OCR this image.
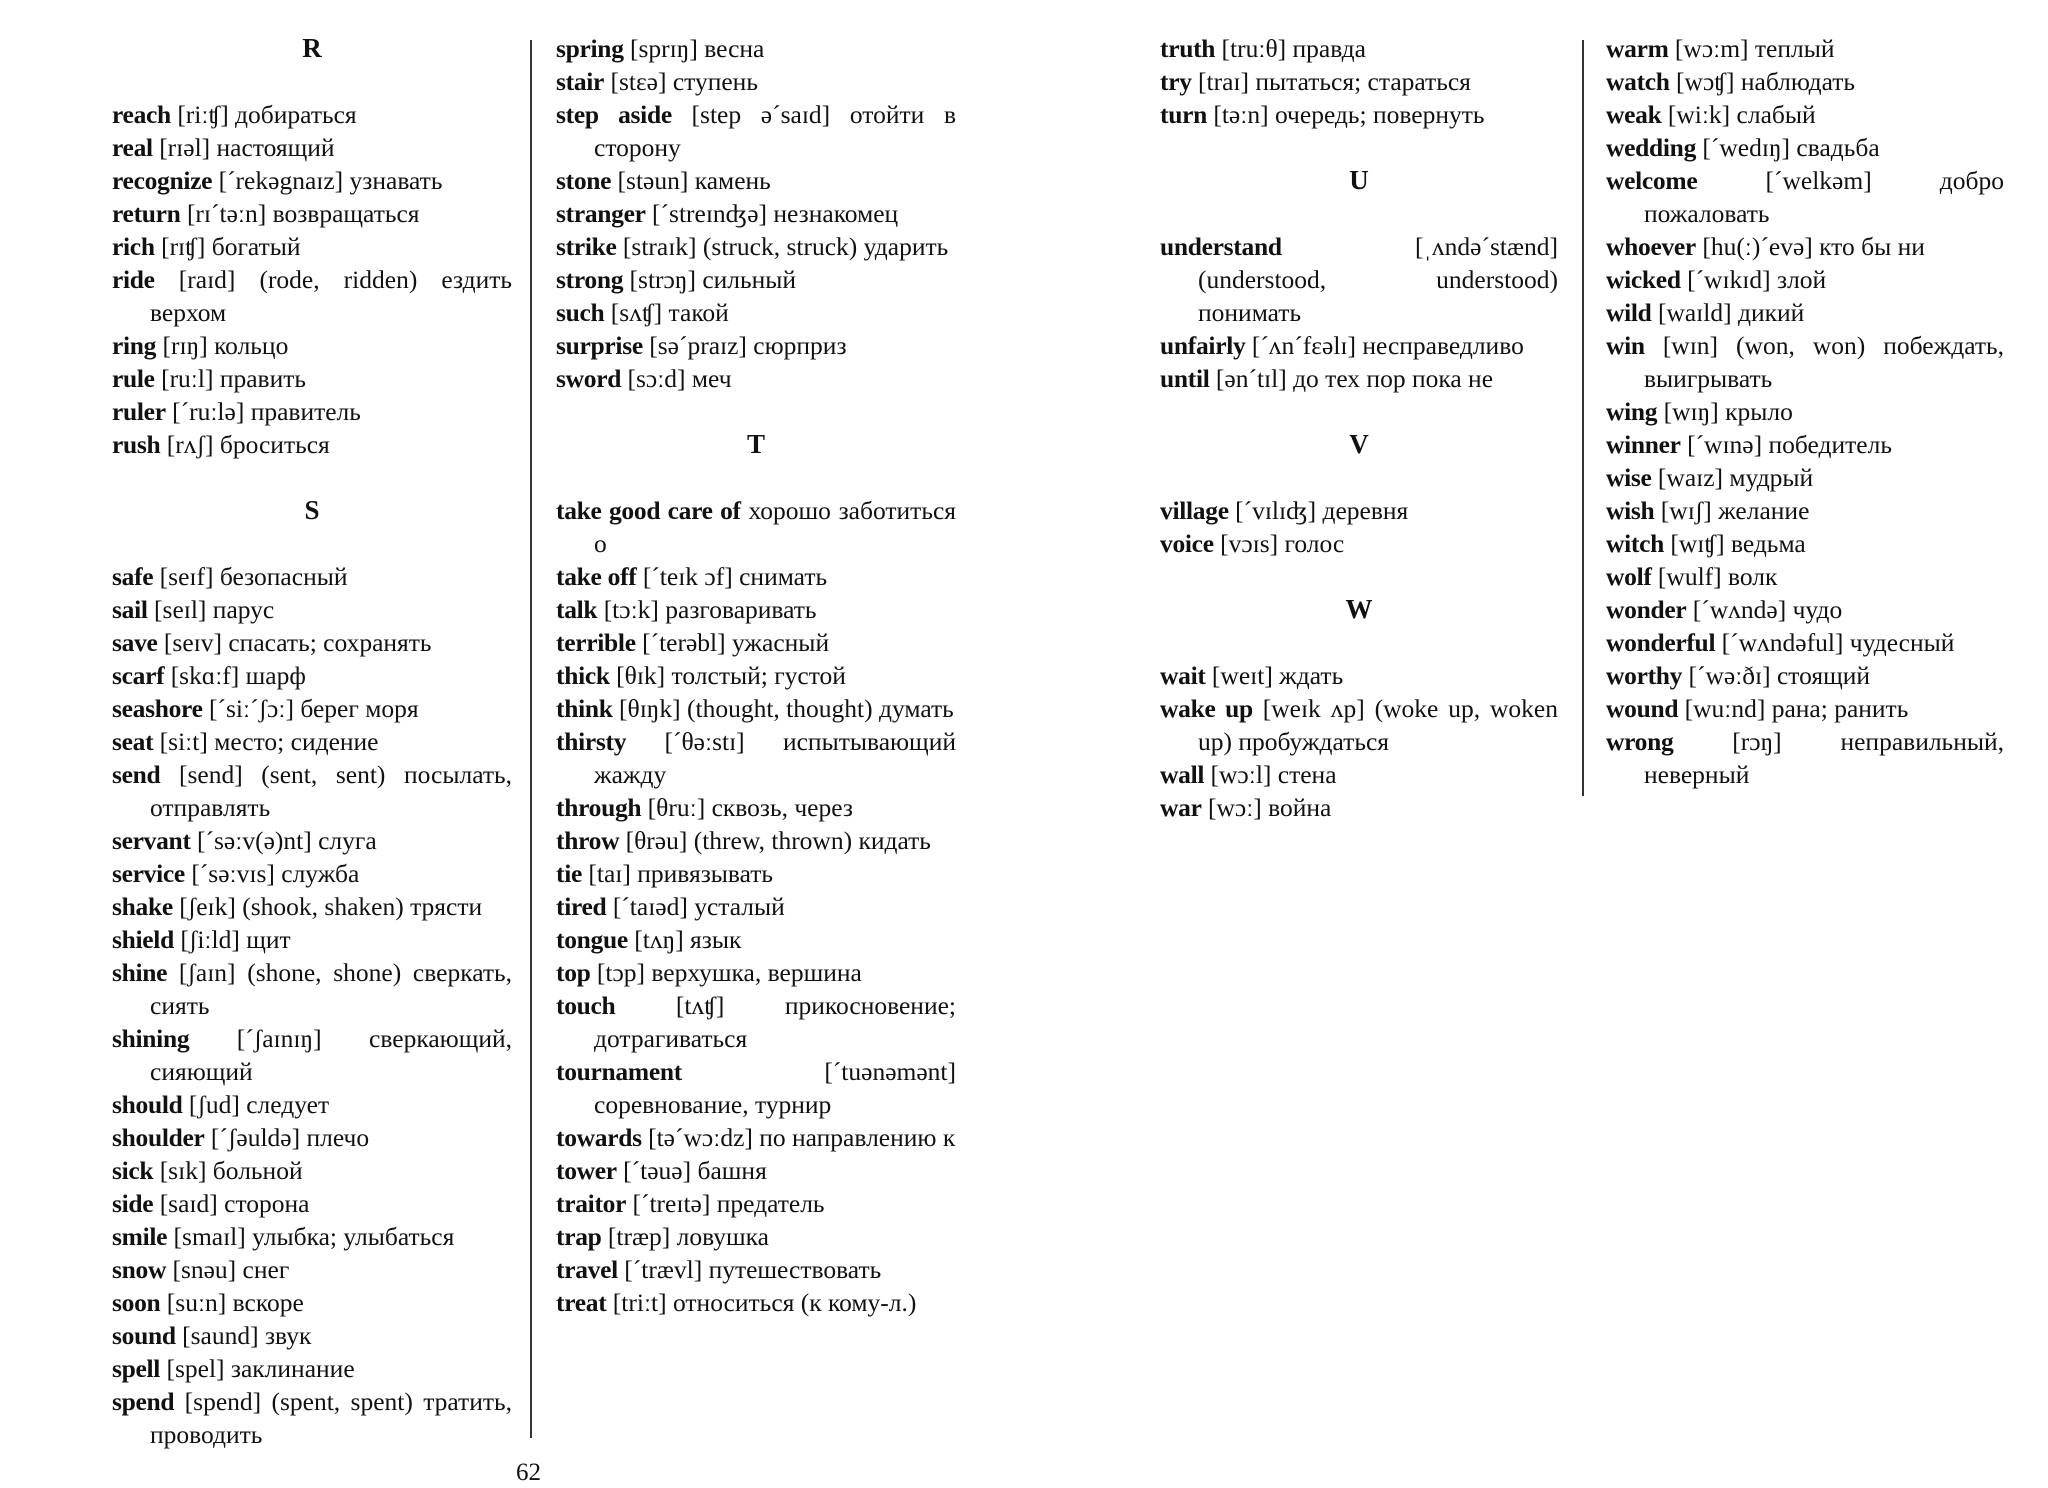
R
reach [riːʧ] добираться
real [rɪəl] настоящий
recognize [´rekəgnaɪz] узнавать
return [rɪ´təːn] возвращаться
rich [rɪʧ] богатый
ride [raɪd] (rode, ridden) ездить верхом
ring [rɪŋ] кольцо
rule [ruːl] править
ruler [´ruːlə] правитель
rush [rʌʃ] броситься
S
safe [seɪf] безопасный
sail [seɪl] парус
save [seɪv] спасать; сохранять
scarf [skɑːf] шарф
seashore [´siː´ʃɔː] берег моря
seat [siːt] место; сидение
send [send] (sent, sent) посылать, отправлять
servant [´səːv(ə)nt] слуга
service [´səːvɪs] служба
shake [ʃeɪk] (shook, shaken) трясти
shield [ʃiːld] щит
shine [ʃaɪn] (shone, shone) сверкать, сиять
shining [´ʃaɪnɪŋ] сверкающий, сияющий
should [ʃud] следует
shoulder [´ʃəuldə] плечо
sick [sɪk] больной
side [saɪd] сторона
smile [smaɪl] улыбка; улыбаться
snow [snəu] снег
soon [suːn] вскоре
sound [saund] звук
spell [spel] заклинание
spend [spend] (spent, spent) тратить, проводить
spring [sprɪŋ] весна
stair [stɛə] ступень
step aside [step ə´saɪd] отойти в сторону
stone [stəun] камень
stranger [´streɪnʤə] незнакомец
strike [straɪk] (struck, struck) ударить
strong [strɔŋ] сильный
such [sʌʧ] такой
surprise [sə´praɪz] сюрприз
sword [sɔːd] меч
T
take good care of хорошо заботиться о
take off [´teɪk ɔf] снимать
talk [tɔːk] разговаривать
terrible [´terəbl] ужасный
thick [θɪk] толстый; густой
think [θɪŋk] (thought, thought) думать
thirsty [´θəːstɪ] испытывающий жажду
through [θruː] сквозь, через
throw [θrəu] (threw, thrown) кидать
tie [taɪ] привязывать
tired [´taɪəd] усталый
tongue [tʌŋ] язык
top [tɔp] верхушка, вершина
touch [tʌʧ] прикосновение; дотрагиваться
tournament	[´tuənəmənt] соревнование, турнир
towards [tə´wɔːdz] по направлению к
tower [´təuə] башня
traitor [´treɪtə] предатель
trap [træp] ловушка
travel [´trævl] путешествовать
treat [triːt] относиться (к кому-л.)
truth [truːθ] правда
try [traɪ] пытаться; стараться
turn [təːn] очередь; повернуть
U
understand	[ˌʌndə´stænd] (understood, understood) понимать
unfairly [´ʌn´fɛəlɪ] несправедливо
until [ən´tɪl] до тех пор пока не
V
village [´vɪlɪʤ] деревня
voice [vɔɪs] голос
W
wait [weɪt] ждать
wake up [weɪk ʌp] (woke up, woken up) пробуждаться
wall [wɔːl] стена
war [wɔː] война
warm [wɔːm] теплый
watch [wɔʧ] наблюдать
weak [wiːk] слабый
wedding [´wedɪŋ] свадьба
welcome	[´welkəm] добро пожаловать
whoever [hu(ː)´evə] кто бы ни
wicked [´wɪkɪd] злой
wild [waɪld] дикий
win [wɪn] (won, won) побеждать, выигрывать
wing [wɪŋ] крыло
winner [´wɪnə] победитель
wise [waɪz] мудрый
wish [wɪʃ] желание
witch [wɪʧ] ведьма
wolf [wulf] волк
wonder [´wʌndə] чудо
wonderful [´wʌndəful] чудесный
worthy [´wəːðɪ] стоящий
wound [wuːnd] рана; ранить
wrong [rɔŋ] неправильный, неверный
62
